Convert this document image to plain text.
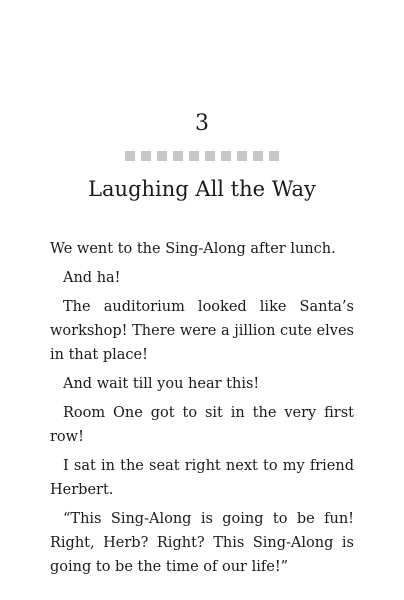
3
Laughing All the Way

We went to the Sing-Along after lunch.

And ha!

The auditorium looked like Santa’s workshop! There were a jillion cute elves in that place!

And wait till you hear this!

Room One got to sit in the very first row!

I sat in the seat right next to my friend Herbert.

“This Sing-Along is going to be fun! Right, Herb? Right? This Sing-Along is going to be the time of our life!”
